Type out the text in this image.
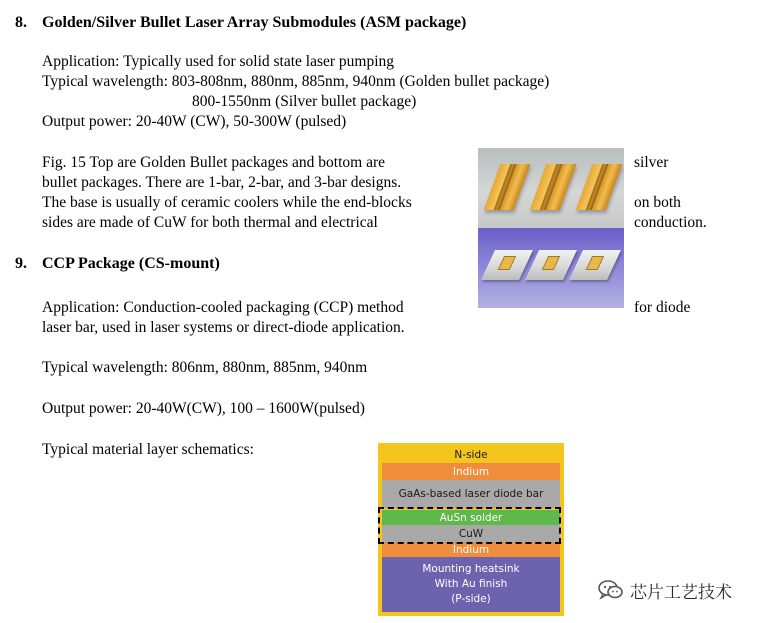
8. Golden/Silver Bullet Laser Array Submodules (ASM package)
Application: Typically used for solid state laser pumping
Typical wavelength: 803-808nm, 880nm, 885nm, 940nm (Golden bullet package)
800-1550nm (Silver bullet package)
Output power: 20-40W (CW), 50-300W (pulsed)
Fig. 15 Top are Golden Bullet packages and bottom are	silver
bullet packages. There are 1-bar, 2-bar, and 3-bar designs.
The base is usually of ceramic coolers while the end-blocks	on both
sides are made of CuW for both thermal and electrical	conduction.
9. CCP Package (CS-mount)
Application: Conduction-cooled packaging (CCP) method	for diode
laser bar, used in laser systems or direct-diode application.
Typical wavelength: 806nm, 880nm, 885nm, 940nm
Output power: 20-40W(CW), 100 – 1600W(pulsed)
Typical material layer schematics:	N-side
Indium
GaAs-based laser diode bar
AuSn solder
CuW
Indium
Mounting heatsink
With Au finish
(P-side)	芯片工艺技术
